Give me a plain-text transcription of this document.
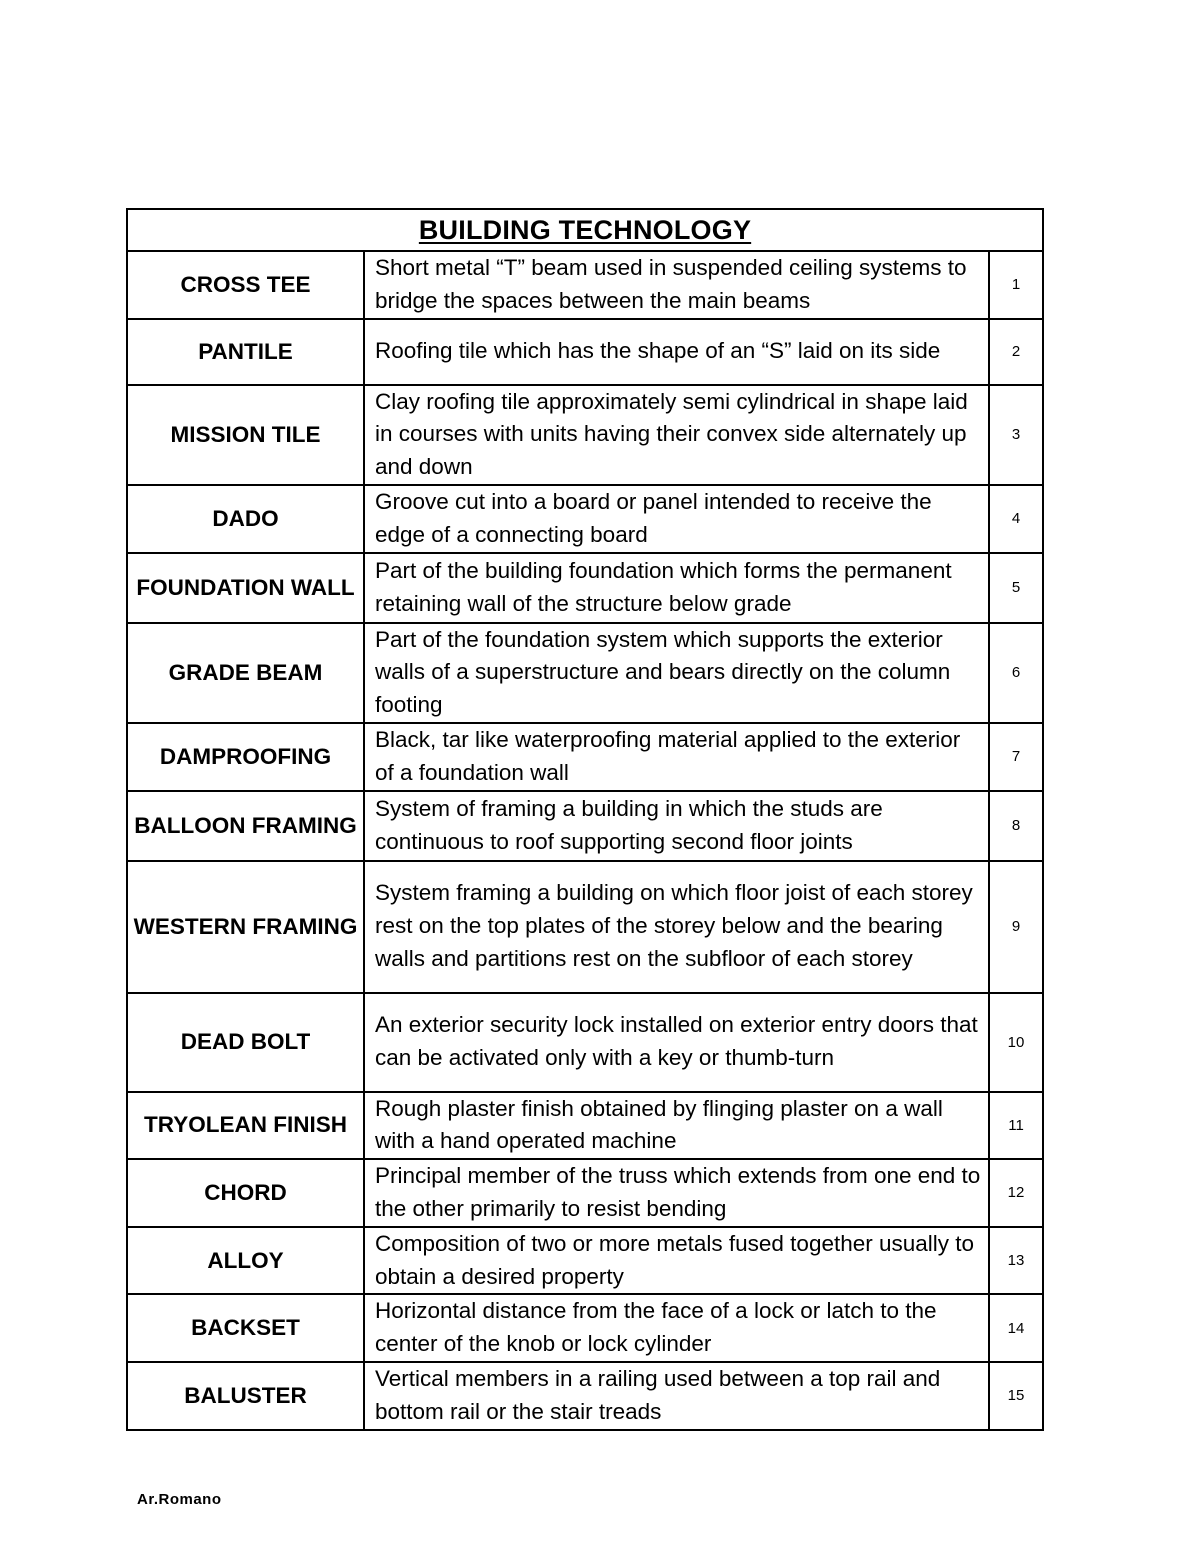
BUILDING TECHNOLOGY		
CROSS TEE	Short metal “T” beam used in suspended ceiling systems to bridge the spaces between the main beams	1
PANTILE	Roofing tile which has the shape of an “S” laid on its side	2
MISSION TILE	Clay roofing tile approximately semi cylindrical in shape laid in courses with units having their convex side alternately up and down	3
DADO	Groove cut into a board or panel intended to receive the edge of a connecting board	4
FOUNDATION WALL	Part of the building foundation which forms the permanent retaining wall of the structure below grade	5
GRADE BEAM	Part of the foundation system which supports the exterior walls of a superstructure and bears directly on the column footing	6
DAMPROOFING	Black, tar like waterproofing material applied to the exterior of a foundation wall	7
BALLOON FRAMING	System of framing a building in which the studs are continuous to roof supporting second floor joints	8
WESTERN FRAMING	System framing a building on which floor joist of each storey rest on the top plates of the storey below and the bearing walls and partitions rest on the subfloor of each storey	9
DEAD BOLT	An exterior security lock installed on exterior entry doors that can be activated only with a key or thumb-turn	10
TRYOLEAN FINISH	Rough plaster finish obtained by flinging plaster on a wall with a hand operated machine	11
CHORD	Principal member of the truss which extends from one end to the other primarily to resist bending	12
ALLOY	Composition of two or more metals fused together usually to obtain a desired property	13
BACKSET	Horizontal distance from the face of a lock or latch to the center of the knob or lock cylinder	14
BALUSTER	Vertical members in a railing used between a top rail and bottom rail or the stair treads	15
Ar.Romano
